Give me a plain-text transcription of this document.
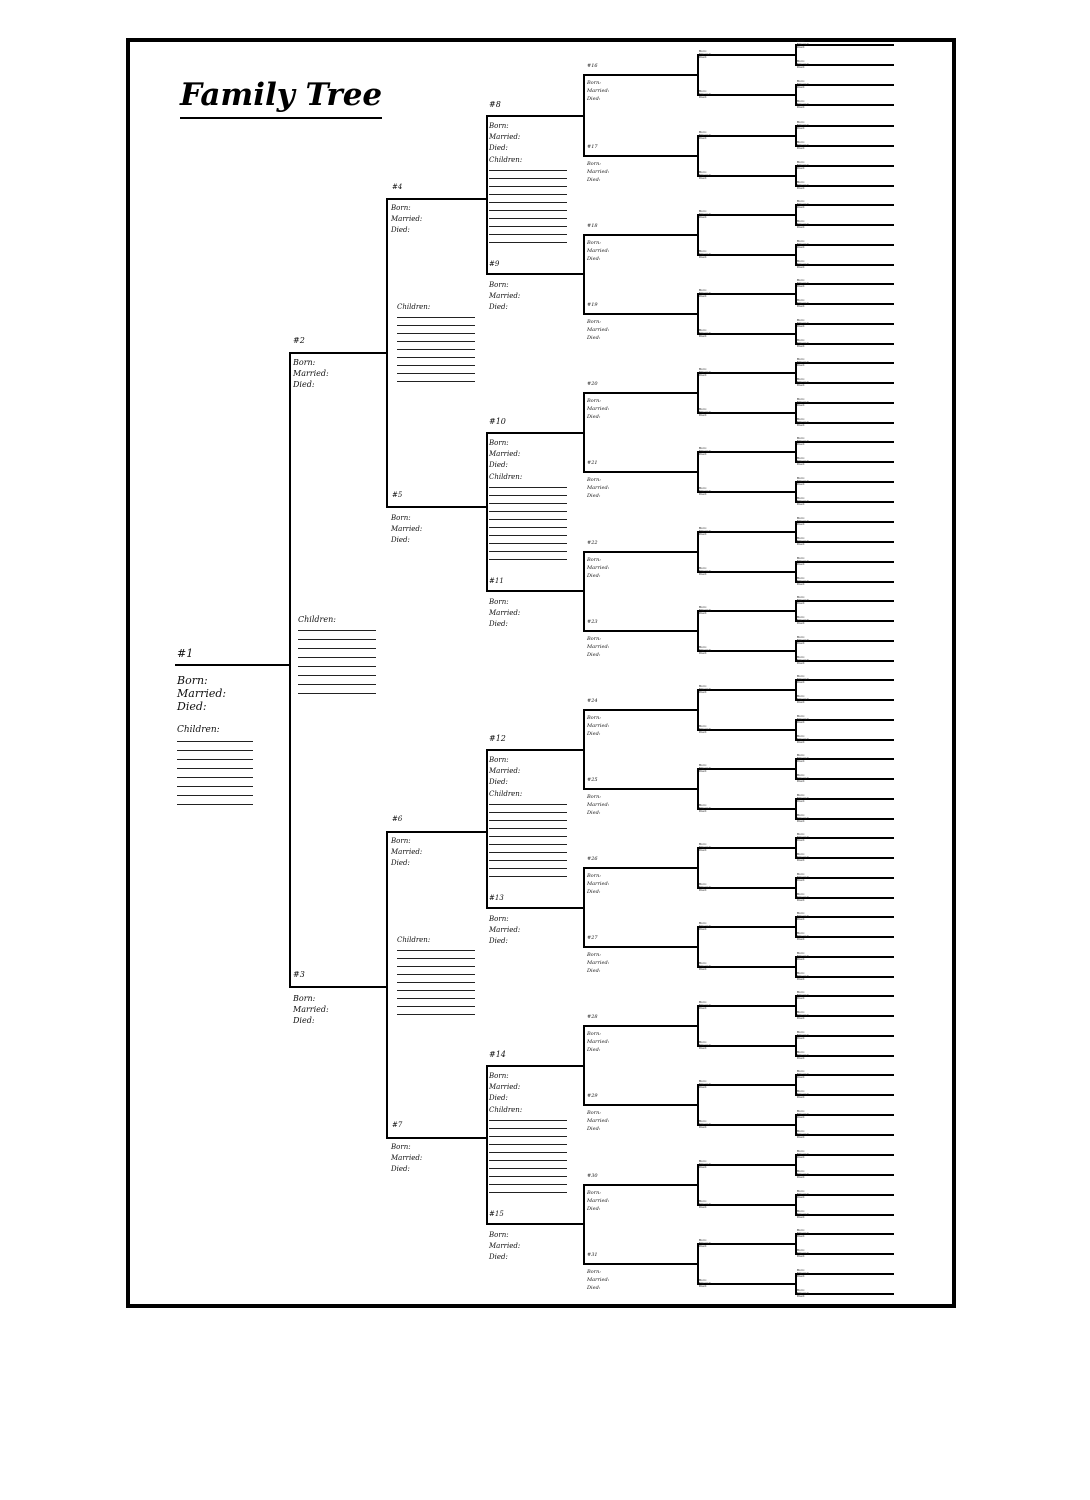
Family Tree
#1
Born:
Married:
Died:
Children:
#2
Born:
Married:
Died:
#3
Born:
Married:
Died:
Children:
#4
Born:
Married:
Died:
#5
Born:
Married:
Died:
#6
Born:
Married:
Died:
#7
Born:
Married:
Died:
Children:
Children:
#8
Born:
Married:
Died:
Children:
#9
Born:
Married:
Died:
#10
Born:
Married:
Died:
Children:
#11
Born:
Married:
Died:
#12
Born:
Married:
Died:
Children:
#13
Born:
Married:
Died:
#14
Born:
Married:
Died:
Children:
#15
Born:
Married:
Died:
#16
Born:
Married:
Died:
#17
Born:
Married:
Died:
#18
Born:
Married:
Died:
#19
Born:
Married:
Died:
#20
Born:
Married:
Died:
#21
Born:
Married:
Died:
#22
Born:
Married:
Died:
#23
Born:
Married:
Died:
#24
Born:
Married:
Died:
#25
Born:
Married:
Died:
#26
Born:
Married:
Died:
#27
Born:
Married:
Died:
#28
Born:
Married:
Died:
#29
Born:
Married:
Died:
#30
Born:
Married:
Died:
#31
Born:
Married:
Died:
Born:
Married:
Died:
Born:
Married:
Died:
Born:
Married:
Died:
Born:
Married:
Died:
Born:
Married:
Died:
Born:
Married:
Died:
Born:
Married:
Died:
Born:
Married:
Died:
Born:
Married:
Died:
Born:
Married:
Died:
Born:
Married:
Died:
Born:
Married:
Died:
Born:
Married:
Died:
Born:
Married:
Died:
Born:
Married:
Died:
Born:
Married:
Died:
Born:
Married:
Died:
Born:
Married:
Died:
Born:
Married:
Died:
Born:
Married:
Died:
Born:
Married:
Died:
Born:
Married:
Died:
Born:
Married:
Died:
Born:
Married:
Died:
Born:
Married:
Died:
Born:
Married:
Died:
Born:
Married:
Died:
Born:
Married:
Died:
Born:
Married:
Died:
Born:
Married:
Died:
Born:
Married:
Died:
Born:
Married:
Died:
Born:
Married:
Died:
Born:
Married:
Died:
Born:
Married:
Died:
Born:
Married:
Died:
Born:
Married:
Died:
Born:
Married:
Died:
Born:
Married:
Died:
Born:
Married:
Died:
Born:
Married:
Died:
Born:
Married:
Died:
Born:
Married:
Died:
Born:
Married:
Died:
Born:
Married:
Died:
Born:
Married:
Died:
Born:
Married:
Died:
Born:
Married:
Died:
Born:
Married:
Died:
Born:
Married:
Died:
Born:
Married:
Died:
Born:
Married:
Died:
Born:
Married:
Died:
Born:
Married:
Died:
Born:
Married:
Died:
Born:
Married:
Died:
Born:
Married:
Died:
Born:
Married:
Died:
Born:
Married:
Died:
Born:
Married:
Died:
Born:
Married:
Died:
Born:
Married:
Died:
Born:
Married:
Died:
Born:
Married:
Died:
Born:
Married:
Died:
Born:
Married:
Died:
Born:
Married:
Died:
Born:
Married:
Died:
Born:
Married:
Died:
Born:
Married:
Died:
Born:
Married:
Died:
Born:
Married:
Died:
Born:
Married:
Died:
Born:
Married:
Died:
Born:
Married:
Died:
Born:
Married:
Died:
Born:
Married:
Died:
Born:
Married:
Died:
Born:
Married:
Died:
Born:
Married:
Died:
Born:
Married:
Died:
Born:
Married:
Died:
Born:
Married:
Died:
Born:
Married:
Died:
Born:
Married:
Died:
Born:
Married:
Died:
Born:
Married:
Died:
Born:
Married:
Died:
Born:
Married:
Died:
Born:
Married:
Died:
Born:
Married:
Died:
Born:
Married:
Died:
Born:
Married:
Died:
Born:
Married:
Died:
Born:
Married:
Died:
Born:
Married:
Died:
